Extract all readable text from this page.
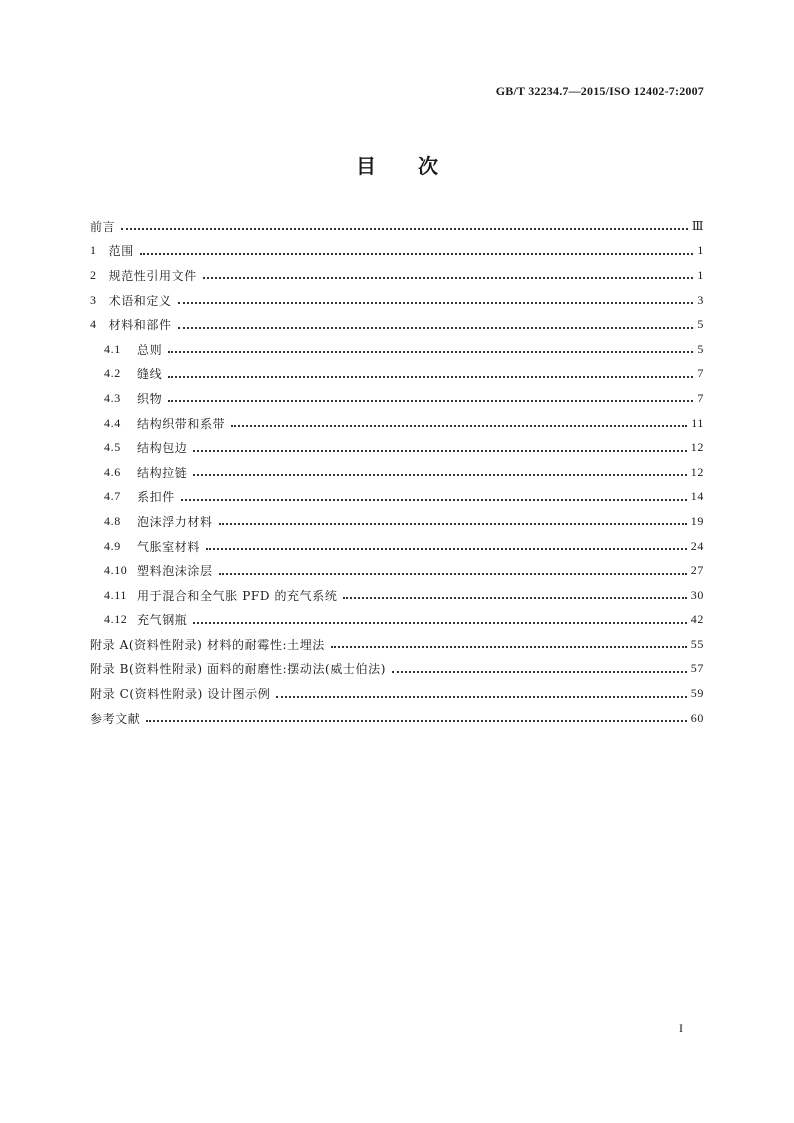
GB/T 32234.7—2015/ISO 12402-7:2007
目次
前言	Ⅲ
1 范围	1
2 规范性引用文件	1
3 术语和定义	3
4 材料和部件	5
4.1	总则	5
4.2	缝线	7
4.3	织物	7
4.4	结构织带和系带	11
4.5	结构包边	12
4.6	结构拉链	12
4.7	系扣件	14
4.8	泡沫浮力材料	19
4.9	气胀室材料	24
4.10 塑料泡沫涂层	27
4.11 用于混合和全气胀 PFD 的充气系统	30
4.12 充气钢瓶	42
附录 A(资料性附录) 材料的耐霉性:土埋法	55
附录 B(资料性附录) 面料的耐磨性:摆动法(威士伯法)	57
附录 C(资料性附录) 设计图示例	59
参考文献	60
I
